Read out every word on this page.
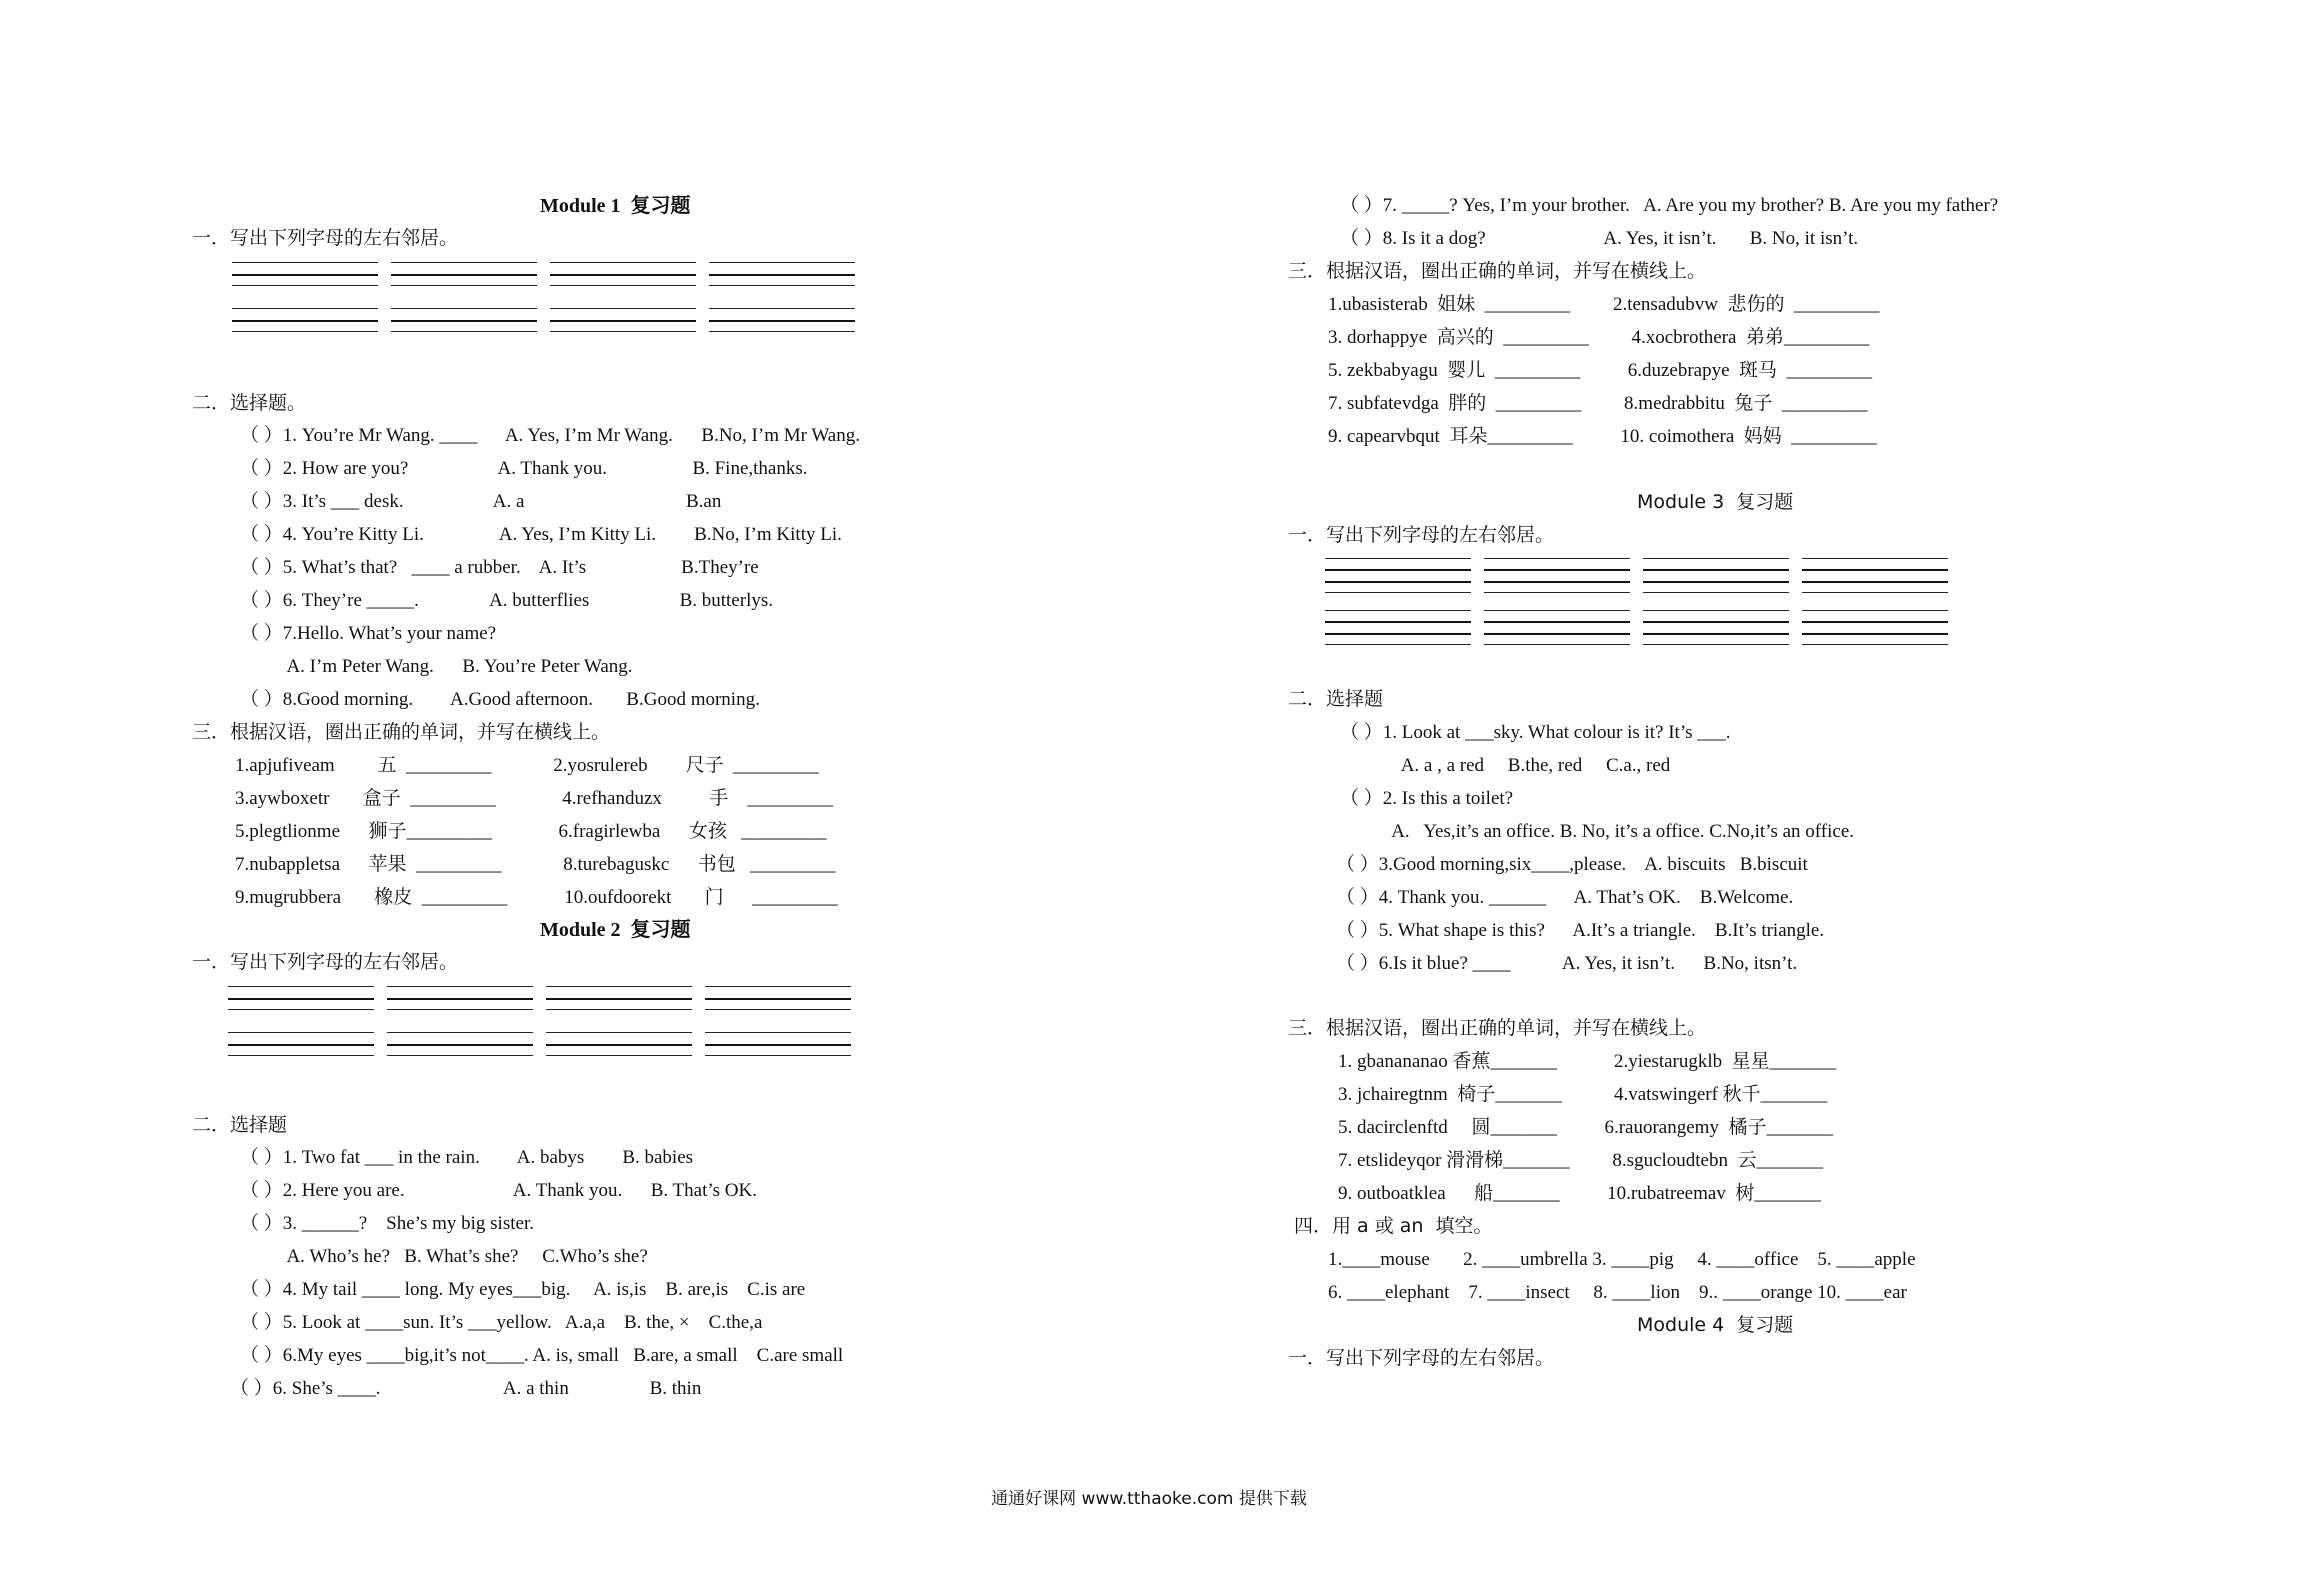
Module 1  复习题
一．写出下列字母的左右邻居。
二．选择题。
（ ）1. You’re Mr Wang. ____      A. Yes, I’m Mr Wang.      B.No, I’m Mr Wang.
（ ）2. How are you?                   A. Thank you.                  B. Fine,thanks.
（ ）3. It’s ___ desk.                   A. a                                  B.an
（ ）4. You’re Kitty Li.                A. Yes, I’m Kitty Li.        B.No, I’m Kitty Li.
（ ）5. What’s that?   ____ a rubber.    A. It’s                    B.They’re
（ ）6. They’re _____.               A. butterflies                   B. butterlys.
（ ）7.Hello. What’s your name?
A. I’m Peter Wang.      B. You’re Peter Wang.
（ ）8.Good morning.        A.Good afternoon.       B.Good morning.
三．根据汉语，圈出正确的单词，并写在横线上。
1.apjufiveam         五  _________             2.yosrulereb        尺子  _________
3.aywboxetr       盒子  _________              4.refhanduzx          手    _________
5.plegtlionme      狮子_________              6.fragirlewba      女孩   _________
7.nubappletsa      苹果  _________             8.turebaguskc      书包   _________
9.mugrubbera       橡皮  _________            10.oufdoorekt       门      _________
Module 2  复习题
一．写出下列字母的左右邻居。
二．选择题
（ ）1. Two fat ___ in the rain.        A. babys        B. babies
（ ）2. Here you are.                       A. Thank you.      B. That’s OK.
（ ）3. ______?    She’s my big sister.
A. Who’s he?   B. What’s she?     C.Who’s she?
（ ）4. My tail ____ long. My eyes___big.     A. is,is    B. are,is    C.is are
（ ）5. Look at ____sun. It’s ___yellow.   A.a,a    B. the, ×    C.the,a
（ ）6.My eyes ____big,it’s not____. A. is, small   B.are, a small    C.are small
（ ）6. She’s ____.                          A. a thin                 B. thin
（ ）7. _____? Yes, I’m your brother.   A. Are you my brother? B. Are you my father?
（ ）8. Is it a dog?                         A. Yes, it isn’t.       B. No, it isn’t.
三．根据汉语，圈出正确的单词，并写在横线上。
1.ubasisterab  姐妹  _________         2.tensadubvw  悲伤的  _________
3. dorhappye  高兴的  _________         4.xocbrothera  弟弟_________
5. zekbabyagu  婴儿  _________          6.duzebrapye  斑马  _________
7. subfatevdga  胖的  _________         8.medrabbitu  兔子  _________
9. capearvbqut  耳朵_________          10. coimothera  妈妈  _________
Module 3  复习题
一．写出下列字母的左右邻居。
二．选择题
（ ）1. Look at ___sky. What colour is it? It’s ___.
A. a , a red     B.the, red     C.a., red
（ ）2. Is this a toilet?
A.   Yes,it’s an office. B. No, it’s a office. C.No,it’s an office.
（ ）3.Good morning,six____,please.    A. biscuits   B.biscuit
（ ）4. Thank you. ______      A. That’s OK.    B.Welcome.
（ ）5. What shape is this?      A.It’s a triangle.    B.It’s triangle.
（ ）6.Is it blue? ____           A. Yes, it isn’t.      B.No, itsn’t.
三．根据汉语，圈出正确的单词，并写在横线上。
1. gbanananao 香蕉_______            2.yiestarugklb  星星_______
3. jchairegtnm  椅子_______           4.vatswingerf 秋千_______
5. dacirclenftd     圆_______          6.rauorangemy  橘子_______
7. etslideyqor 滑滑梯_______         8.sgucloudtebn  云_______
9. outboatklea      船_______          10.rubatreemav  树_______
四．用 a 或 an  填空。
1.____mouse       2. ____umbrella 3. ____pig     4. ____office    5. ____apple
6. ____elephant    7. ____insect     8. ____lion    9.. ____orange 10. ____ear
Module 4  复习题
一．写出下列字母的左右邻居。
通通好课网 www.tthaoke.com 提供下载
